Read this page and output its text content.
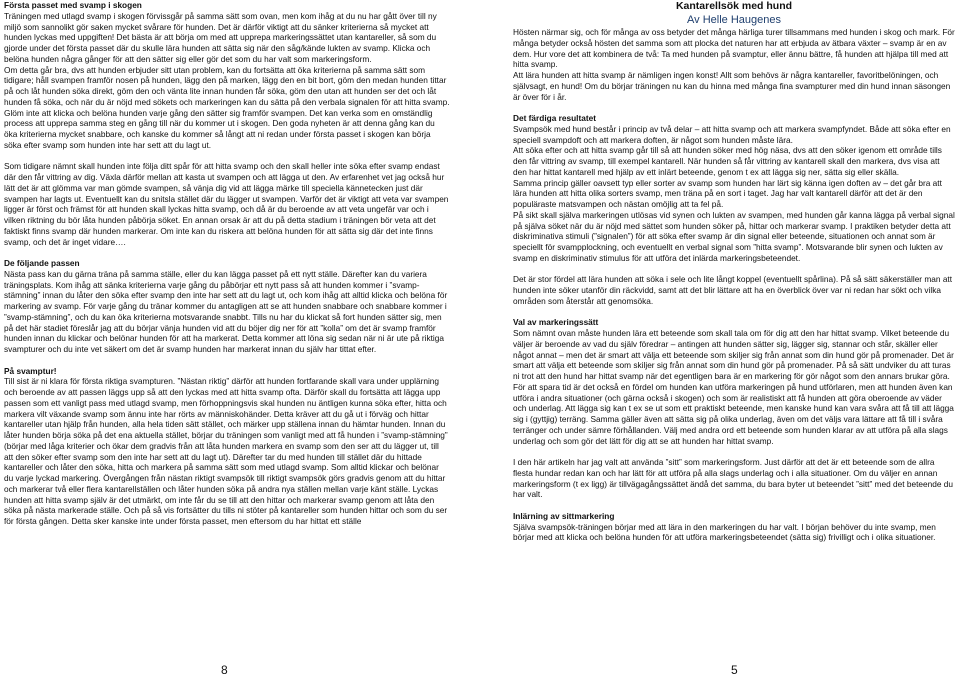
Första passet med svamp i skogen

Träningen med utlagd svamp i skogen förvissgår på samma sätt som ovan, men kom ihåg at du nu har gått över till ny miljö som sannolikt gör saken mycket svårare för hunden. Det är därför viktigt att du sänker kriterierna så mycket att hunden lyckas med uppgiften! Det bästa är att börja om med att upprepa markeringssättet utan kantareller, så som du gjorde under det första passet där du skulle lära hunden att sätta sig när den såg/kände lukten av svamp. Klicka och belöna hunden några gånger för att den sätter sig eller gör det som du har valt som markeringsform.

Om detta går bra, dvs att hunden erbjuder sitt utan problem, kan du fortsätta att öka kriterierna på samma sätt som tidigare; håll svampen framför nosen på hunden, lägg den på marken, lägg den en bit bort, göm den medan hunden tittar på och låt hunden söka direkt, göm den och vänta lite innan hunden får söka, göm den utan att hunden ser det och låt hunden få söka, och när du är nöjd med sökets och markeringen kan du sätta på den verbala signalen för att hitta svamp. Glöm inte att klicka och belöna hunden varje gång den sätter sig framför svampen. Det kan verka som en omständlig process att upprepa samma steg en gång till när du kommer ut i skogen. Den goda nyheten är att denna gång kan du öka kriterierna mycket snabbare, och kanske du kommer så långt att ni redan under första passet i skogen kan börja söka efter svamp som hunden inte har sett att du lagt ut.

Som tidigare nämnt skall hunden inte följa ditt spår för att hitta svamp och den skall heller inte söka efter svamp endast där den får vittring av dig. Växla därför mellan att kasta ut svampen och att lägga ut den. Av erfarenhet vet jag också hur lätt det är att glömma var man gömde svampen, så vänja dig vid att lägga märke till speciella kännetecken just där svampen har lagts ut. Eventuellt kan du snitsla stället där du lägger ut svampen. Varför det är viktigt att veta var svampen ligger är först och främst för att hunden skall lyckas hitta svamp, och då är du beroende av att veta ungefär var och i vilken riktning du bör låta hunden påbörja söket. En annan orsak är att du på detta stadium i träningen bör veta att det faktiskt finns svamp där hunden markerar. Om inte kan du riskera att belöna hunden för att sätta sig där det inte finns svamp, och det är inget vidare….

De följande passen

Nästa pass kan du gärna träna på samma ställe, eller du kan lägga passet på ett nytt ställe. Därefter kan du variera träningsplats. Kom ihåg att sänka kriterierna varje gång du påbörjar ett nytt pass så att hunden kommer i ”svamp-stämning” innan du låter den söka efter svamp den inte har sett att du lagt ut, och kom ihåg att alltid klicka och belöna för markering av svamp. För varje gång du tränar kommer du antagligen att se att hunden snabbare och snabbare kommer i ”svamp-stämning”, och du kan öka kriterierna motsvarande snabbt. Tills nu har du klickat så fort hunden sätter sig, men på det här stadiet föreslår jag att du börjar vänja hunden vid att du böjer dig ner för att ”kolla” om det är svamp framför hunden innan du klickar och belönar hunden för att ha markerat. Detta kommer att löna sig sedan när ni är ute på riktiga svampturer och du inte vet säkert om det är svamp hunden har markerat innan du själv har tittat efter.

På svamptur!

Till sist är ni klara för första riktiga svampturen. ”Nästan riktig” därför att hunden fortfarande skall vara under upplärning och beroende av att passen läggs upp så att den lyckas med att hitta svamp ofta. Därför skall du fortsätta att lägga upp passen som ett vanligt pass med utlagd svamp, men förhoppningsvis skal hunden nu äntligen kunna söka efter, hitta och markera vilt växande svamp som ännu inte har rörts av människohänder. Detta kräver att du gå ut i förväg och hittar kantareller utan hjälp från hunden, alla hela tiden sätt stället, och märker upp ställena innan du hämtar hunden. Innan du låter hunden börja söka på det ena aktuella stället, börjar du träningen som vanligt med att få hunden i ”svamp-stämning” (börjar med låga kriterier och ökar dem gradvis från att låta hunden markera en svamp som den ser att du lägger ut, till att den söker efter svamp som den inte har sett att du lagt ut). Därefter tar du med hunden till stället där du hittade kantareller och låter den söka, hitta och markera på samma sätt som med utlagd svamp. Som alltid klickar och belönar du varje lyckad markering. Övergången från nästan riktigt svampsök till riktigt svampsök görs gradvis genom att du hittar och markerar två eller flera kantarellställen och låter hunden söka på andra nya ställen mellan varje känt ställe. Lyckas hunden att hitta svamp själv är det utmärkt, om inte får du se till att den hittar och markerar svamp genom att låta den söka på nästa markerade ställe. Och på så vis fortsätter du tills ni stöter på kantareller som hunden hittar och som du ser för första gången. Detta sker kanske inte under första passet, men eftersom du har hittat ett ställe

8

Kantarellsök med hund

Av Helle Haugenes

Hösten närmar sig, och för många av oss betyder det många härliga turer tillsammans med hunden i skog och mark. För många betyder också hösten det samma som att plocka det naturen har att erbjuda av ätbara växter – svamp är en av dem. Hur vore det att kombinera de två: Ta med hunden på svamptur, eller ännu bättre, få hunden att hjälpa till med att hitta svamp.

Att lära hunden att hitta svamp är nämligen ingen konst! Allt som behövs är några kantareller, favoritbelöningen, och självsagt, en hund! Om du börjar träningen nu kan du hinna med många fina svampturer med din hund innan säsongen är över för i år.

Det färdiga resultatet

Svampsök med hund består i princip av två delar – att hitta svamp och att markera svampfyndet. Både att söka efter en speciell svampdoft och att markera doften, är något som hunden måste lära.

Att söka efter och att hitta svamp går till så att hunden söker med hög näsa, dvs att den söker igenom ett område tills den får vittring av svamp, till exempel kantarell. När hunden så får vittring av kantarell skall den markera, dvs visa att den har hittat kantarell med hjälp av ett inlärt beteende, genom t ex att lägga sig ner, sätta sig eller skälla.

Samma princip gäller oavsett typ eller sorter av svamp som hunden har lärt sig känna igen doften av – det går bra att lära hunden att hitta olika sorters svamp, men träna på en sort i taget. Jag har valt kantarell därför att det är den populäraste matsvampen och nästan omöjlig att ta fel på.

På sikt skall själva markeringen utlösas vid synen och lukten av svampen, med hunden går kanna lägga på verbal signal på själva söket när du är nöjd med sättet som hunden söker på, hittar och markerar svamp. I praktiken betyder detta att diskriminativa stimuli (”signalen”) för att söka efter svamp är din signal eller beteende, situationen och annat som är speciellt för svampplockning, och eventuellt en verbal signal som ”hitta svamp”. Motsvarande blir synen och lukten av svamp en diskriminativ stimulus för att utföra det inlärda markeringsbeteendet.

Det är stor fördel att lära hunden att söka i sele och lite långt koppel (eventuellt spårlina). På så sätt säkerställer man att hunden inte söker utanför din räckvidd, samt att det blir lättare att ha en överblick över var ni redan har sökt och vilka områden som återstår att genomsöka.

Val av markeringssätt

Som nämnt ovan måste hunden lära ett beteende som skall tala om för dig att den har hittat svamp. Vilket beteende du väljer är beroende av vad du själv föredrar – antingen att hunden sätter sig, lägger sig, stannar och står, skäller eller något annat – men det är smart att välja ett beteende som skiljer sig från annat som din hund gör på promenader. Det är smart att välja ett beteende som skiljer sig från annat som din hund gör på promenader. På så sätt undviker du att turas ni trot att den hund har hittat svamp när det egentligen bara är en markering för gör något som den annars brukar göra. För att spara tid är det också en fördel om hunden kan utföra markeringen på hund utförlaren, men att hunden även kan utföra i andra situationer (och gärna också i skogen) och som är realistiskt att få hunden att göra oberoende av väder och underlag. Att lägga sig kan t ex se ut som ett praktiskt beteende, men kanske hund kan vara svåra att få till att lägga sig i (gyttjig) terräng. Samma gäller även att sätta sig på olika underlag, även om det väljs vara lättare att få till i svåra terränger och under sämre förhållanden. Välj med andra ord ett beteende som hunden klarar av att utföra på alla slags underlag och som gör det lätt för dig att se att hunden har hittat svamp.

I den här artikeln har jag valt att använda ”sitt” som markeringsform. Just därför att det är ett beteende som de allra flesta hundar redan kan och har lätt för att utföra på alla slags underlag och i alla situationer. Om du väljer en annan markeringsform (t ex ligg) är tillvägagångssättet ändå det samma, du bara byter ut beteendet ”sitt” med det beteende du har valt.

Inlärning av sittmarkering

Själva svampsök-träningen börjar med att lära in den markeringen du har valt. I början behöver du inte svamp, men börjar med att klicka och belöna hunden för att utföra markeringsbeteendet (sätta sig) frivilligt och i olika situationer.

5
